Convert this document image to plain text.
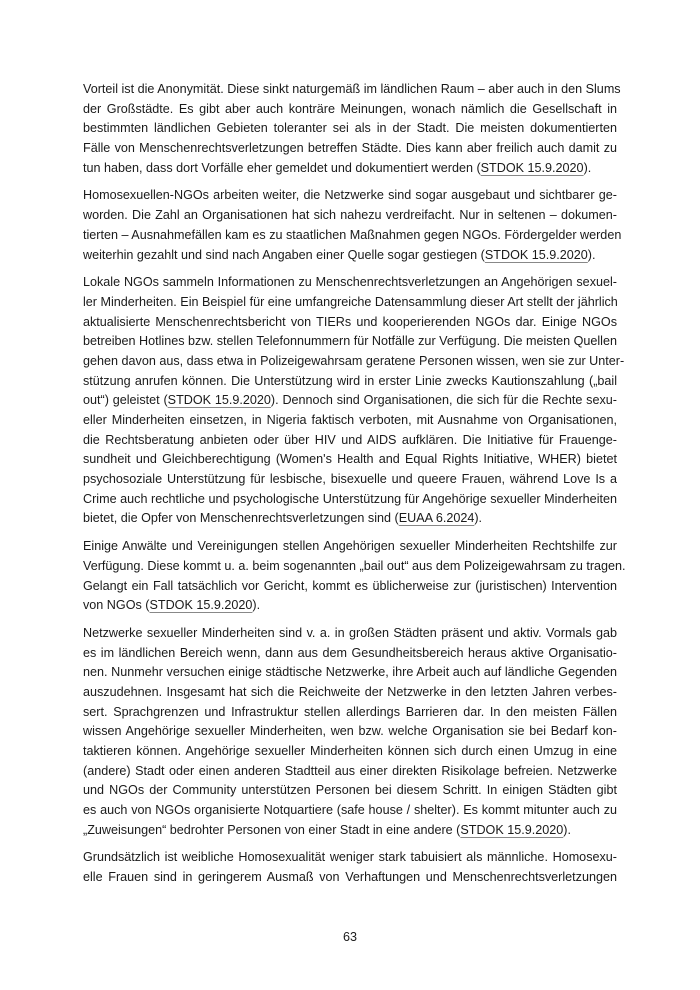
Vorteil ist die Anonymität. Diese sinkt naturgemäß im ländlichen Raum – aber auch in den Slums
der Großstädte. Es gibt aber auch konträre Meinungen, wonach nämlich die Gesellschaft in
bestimmten ländlichen Gebieten toleranter sei als in der Stadt. Die meisten dokumentierten
Fälle von Menschenrechtsverletzungen betreffen Städte. Dies kann aber freilich auch damit zu
tun haben, dass dort Vorfälle eher gemeldet und dokumentiert werden (STDOK 15.9.2020).
Homosexuellen-NGOs arbeiten weiter, die Netzwerke sind sogar ausgebaut und sichtbarer ge-
worden. Die Zahl an Organisationen hat sich nahezu verdreifacht. Nur in seltenen – dokumen-
tierten – Ausnahmefällen kam es zu staatlichen Maßnahmen gegen NGOs. Fördergelder werden
weiterhin gezahlt und sind nach Angaben einer Quelle sogar gestiegen (STDOK 15.9.2020).
Lokale NGOs sammeln Informationen zu Menschenrechtsverletzungen an Angehörigen sexuel-
ler Minderheiten. Ein Beispiel für eine umfangreiche Datensammlung dieser Art stellt der jährlich
aktualisierte Menschenrechtsbericht von TIERs und kooperierenden NGOs dar. Einige NGOs
betreiben Hotlines bzw. stellen Telefonnummern für Notfälle zur Verfügung. Die meisten Quellen
gehen davon aus, dass etwa in Polizeigewahrsam geratene Personen wissen, wen sie zur Unter-
stützung anrufen können. Die Unterstützung wird in erster Linie zwecks Kautionszahlung („bail
out“) geleistet (STDOK 15.9.2020). Dennoch sind Organisationen, die sich für die Rechte sexu-
eller Minderheiten einsetzen, in Nigeria faktisch verboten, mit Ausnahme von Organisationen,
die Rechtsberatung anbieten oder über HIV und AIDS aufklären. Die Initiative für Frauenge-
sundheit und Gleichberechtigung (Women's Health and Equal Rights Initiative, WHER) bietet
psychosoziale Unterstützung für lesbische, bisexuelle und queere Frauen, während Love Is a
Crime auch rechtliche und psychologische Unterstützung für Angehörige sexueller Minderheiten
bietet, die Opfer von Menschenrechtsverletzungen sind (EUAA 6.2024).
Einige Anwälte und Vereinigungen stellen Angehörigen sexueller Minderheiten Rechtshilfe zur
Verfügung. Diese kommt u. a. beim sogenannten „bail out“ aus dem Polizeigewahrsam zu tragen.
Gelangt ein Fall tatsächlich vor Gericht, kommt es üblicherweise zur (juristischen) Intervention
von NGOs (STDOK 15.9.2020).
Netzwerke sexueller Minderheiten sind v. a. in großen Städten präsent und aktiv. Vormals gab
es im ländlichen Bereich wenn, dann aus dem Gesundheitsbereich heraus aktive Organisatio-
nen. Nunmehr versuchen einige städtische Netzwerke, ihre Arbeit auch auf ländliche Gegenden
auszudehnen. Insgesamt hat sich die Reichweite der Netzwerke in den letzten Jahren verbes-
sert. Sprachgrenzen und Infrastruktur stellen allerdings Barrieren dar. In den meisten Fällen
wissen Angehörige sexueller Minderheiten, wen bzw. welche Organisation sie bei Bedarf kon-
taktieren können. Angehörige sexueller Minderheiten können sich durch einen Umzug in eine
(andere) Stadt oder einen anderen Stadtteil aus einer direkten Risikolage befreien. Netzwerke
und NGOs der Community unterstützen Personen bei diesem Schritt. In einigen Städten gibt
es auch von NGOs organisierte Notquartiere (safe house / shelter). Es kommt mitunter auch zu
„Zuweisungen“ bedrohter Personen von einer Stadt in eine andere (STDOK 15.9.2020).
Grundsätzlich ist weibliche Homosexualität weniger stark tabuisiert als männliche. Homosexu-
elle Frauen sind in geringerem Ausmaß von Verhaftungen und Menschenrechtsverletzungen
63
